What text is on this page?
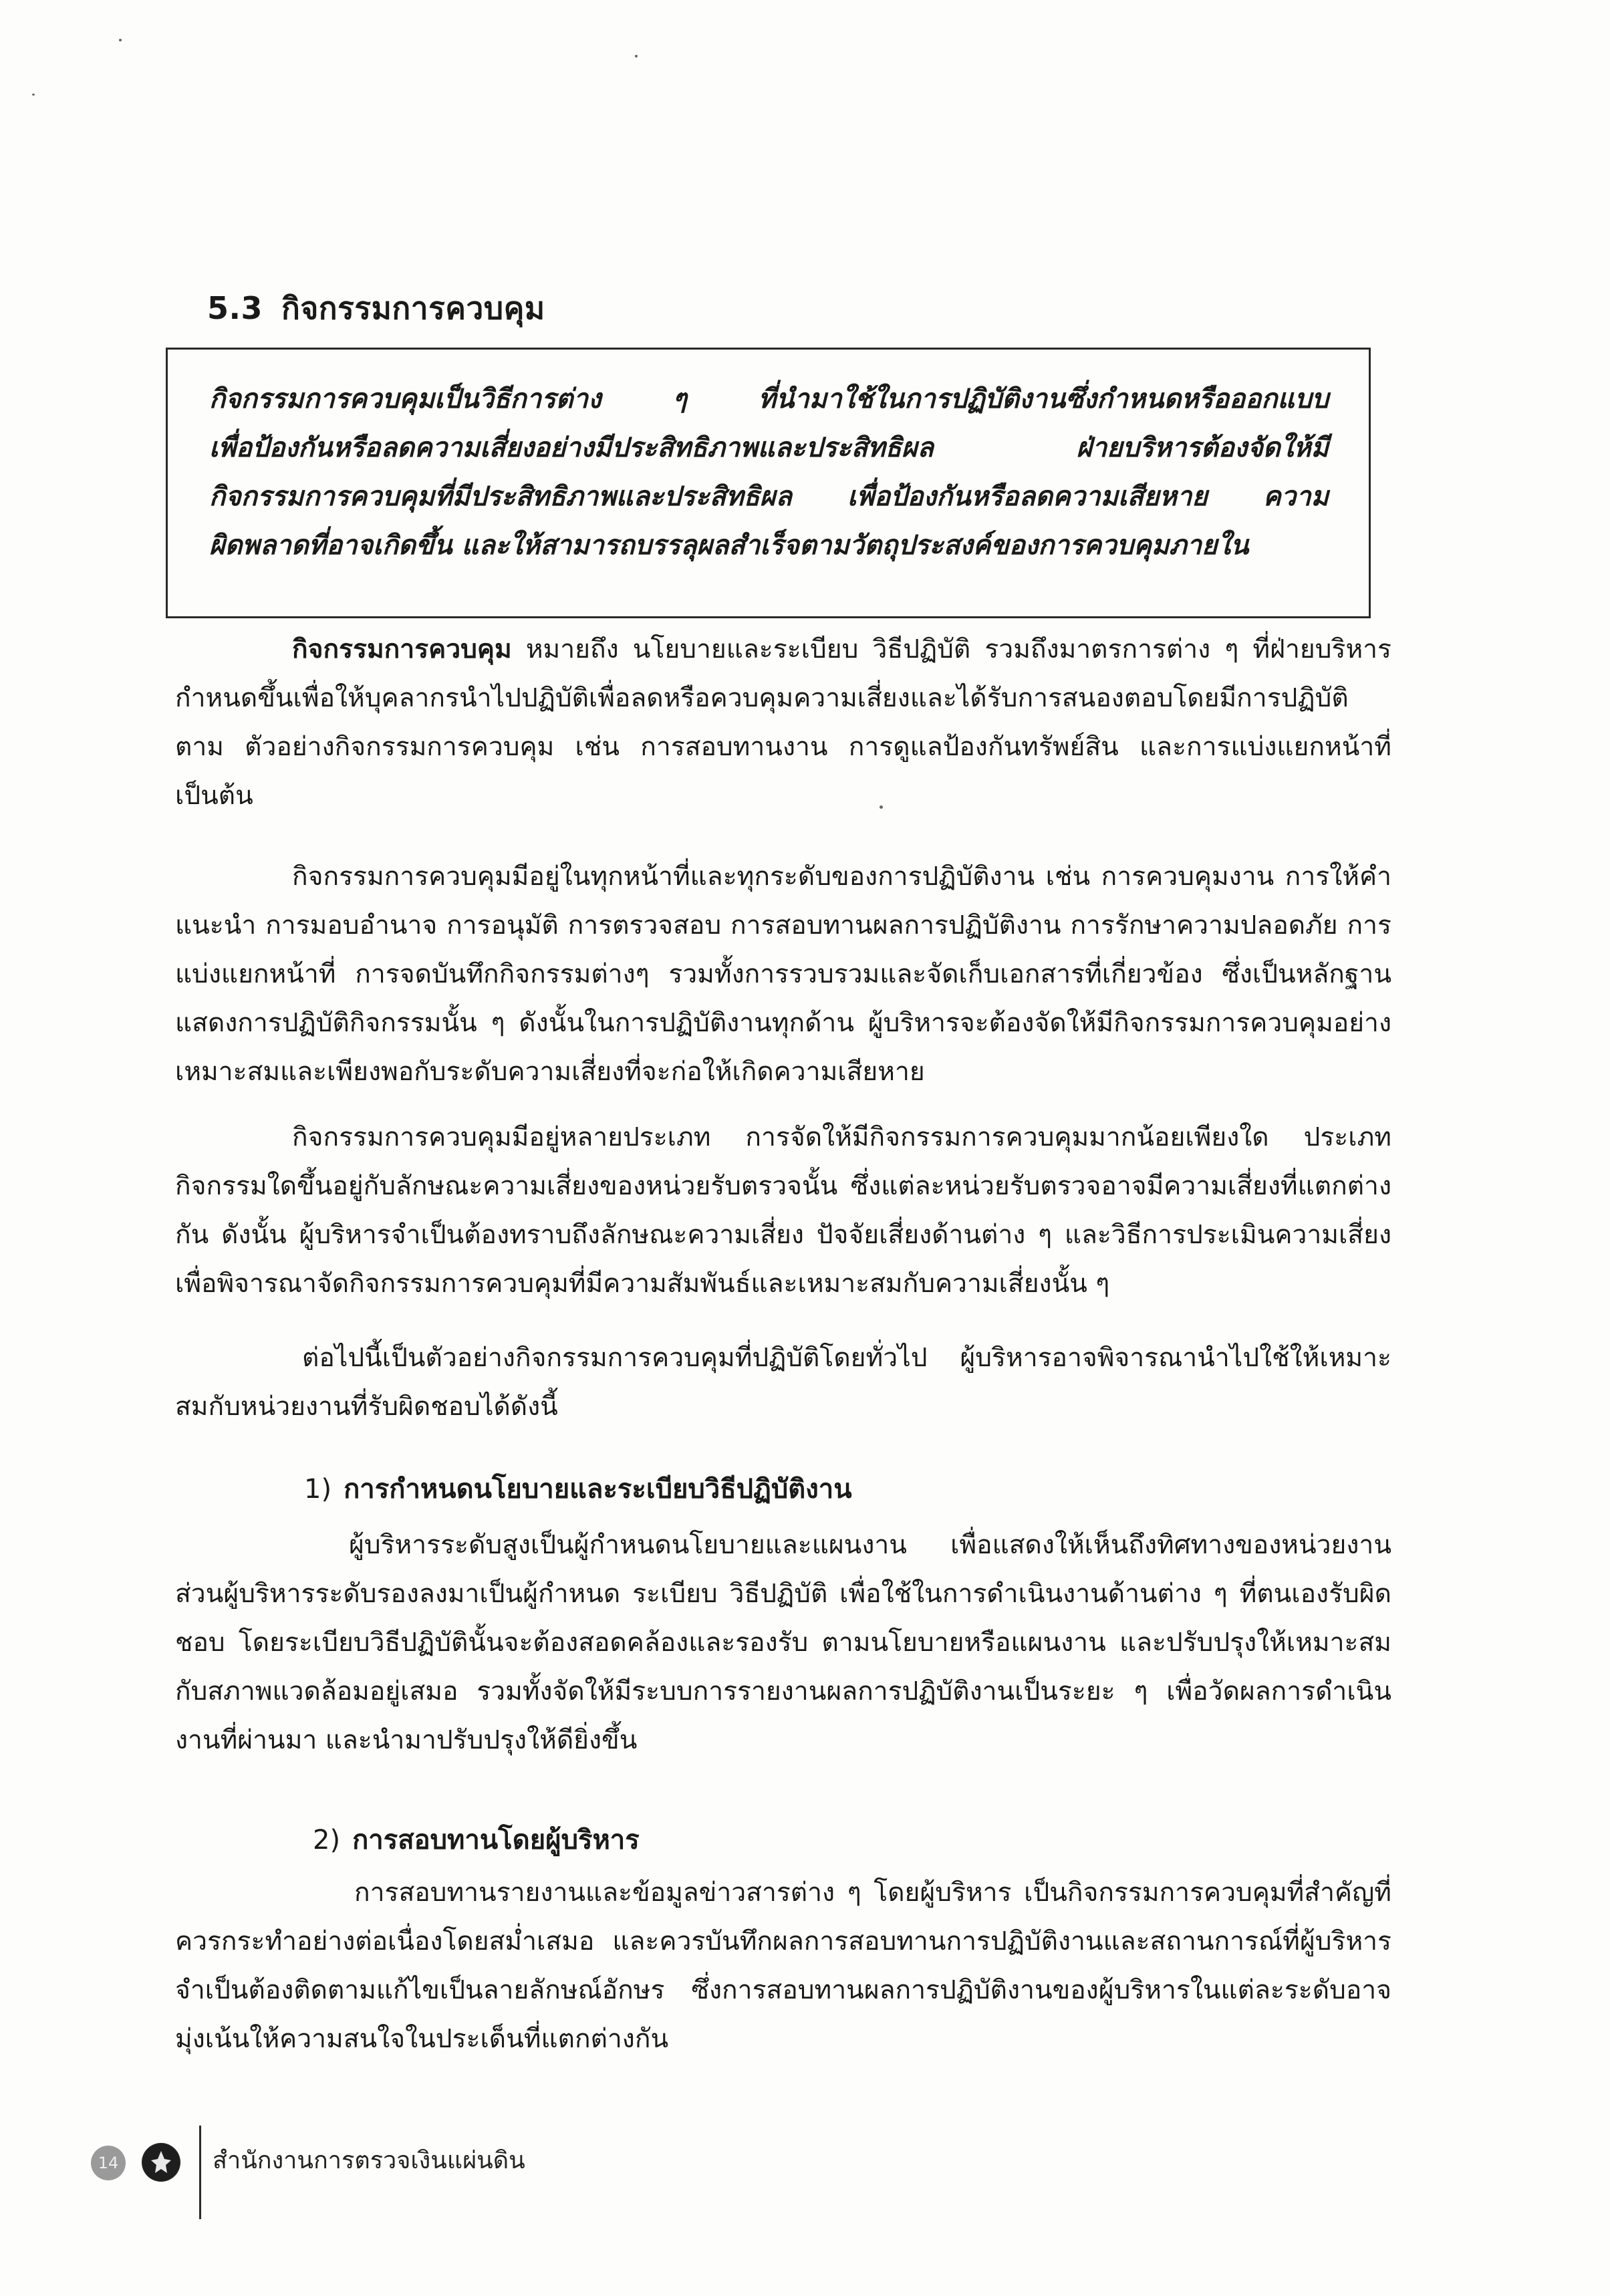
5.3 กิจกรรมการควบคุม

กิจกรรมการควบคุมเป็นวิธีการต่าง ๆ ที่นำมาใช้ในการปฏิบัติงานซึ่งกำหนดหรือออกแบบ

เพื่อป้องกันหรือลดความเสี่ยงอย่างมีประสิทธิภาพและประสิทธิผล ฝ่ายบริหารต้องจัดให้มี

กิจกรรมการควบคุมที่มีประสิทธิภาพและประสิทธิผล เพื่อป้องกันหรือลดความเสียหาย ความ

ผิดพลาดที่อาจเกิดขึ้น และให้สามารถบรรลุผลสำเร็จตามวัตถุประสงค์ของการควบคุมภายใน

กิจกรรมการควบคุม หมายถึง นโยบายและระเบียบ วิธีปฏิบัติ รวมถึงมาตรการต่าง ๆ ที่ฝ่ายบริหารกำหนดขึ้นเพื่อให้บุคลากรนำไปปฏิบัติเพื่อลดหรือควบคุมความเสี่ยงและได้รับการสนองตอบโดยมีการปฏิบัติตาม ตัวอย่างกิจกรรมการควบคุม เช่น การสอบทานงาน การดูแลป้องกันทรัพย์สิน และการแบ่งแยกหน้าที่เป็นต้น
กิจกรรมการควบคุมมีอยู่ในทุกหน้าที่และทุกระดับของการปฏิบัติงาน เช่น การควบคุมงาน การให้คำแนะนำ การมอบอำนาจ การอนุมัติ การตรวจสอบ การสอบทานผลการปฏิบัติงาน การรักษาความปลอดภัย การแบ่งแยกหน้าที่ การจดบันทึกกิจกรรมต่างๆ รวมทั้งการรวบรวมและจัดเก็บเอกสารที่เกี่ยวข้อง ซึ่งเป็นหลักฐานแสดงการปฏิบัติกิจกรรมนั้น ๆ ดังนั้นในการปฏิบัติงานทุกด้าน ผู้บริหารจะต้องจัดให้มีกิจกรรมการควบคุมอย่างเหมาะสมและเพียงพอกับระดับความเสี่ยงที่จะก่อให้เกิดความเสียหาย
กิจกรรมการควบคุมมีอยู่หลายประเภท การจัดให้มีกิจกรรมการควบคุมมากน้อยเพียงใด ประเภทกิจกรรมใดขึ้นอยู่กับลักษณะความเสี่ยงของหน่วยรับตรวจนั้น ซึ่งแต่ละหน่วยรับตรวจอาจมีความเสี่ยงที่แตกต่างกัน ดังนั้น ผู้บริหารจำเป็นต้องทราบถึงลักษณะความเสี่ยง ปัจจัยเสี่ยงด้านต่าง ๆ และวิธีการประเมินความเสี่ยง เพื่อพิจารณาจัดกิจกรรมการควบคุมที่มีความสัมพันธ์และเหมาะสมกับความเสี่ยงนั้น ๆ
ต่อไปนี้เป็นตัวอย่างกิจกรรมการควบคุมที่ปฏิบัติโดยทั่วไป ผู้บริหารอาจพิจารณานำไปใช้ให้เหมาะสมกับหน่วยงานที่รับผิดชอบได้ดังนี้
1) การกำหนดนโยบายและระเบียบวิธีปฏิบัติงาน
ผู้บริหารระดับสูงเป็นผู้กำหนดนโยบายและแผนงาน เพื่อแสดงให้เห็นถึงทิศทางของหน่วยงาน ส่วนผู้บริหารระดับรองลงมาเป็นผู้กำหนด ระเบียบ วิธีปฏิบัติ เพื่อใช้ในการดำเนินงานด้านต่าง ๆ ที่ตนเองรับผิดชอบ โดยระเบียบวิธีปฏิบัตินั้นจะต้องสอดคล้องและรองรับ ตามนโยบายหรือแผนงาน และปรับปรุงให้เหมาะสมกับสภาพแวดล้อมอยู่เสมอ รวมทั้งจัดให้มีระบบการรายงานผลการปฏิบัติงานเป็นระยะ ๆ เพื่อวัดผลการดำเนินงานที่ผ่านมา และนำมาปรับปรุงให้ดียิ่งขึ้น
2) การสอบทานโดยผู้บริหาร
การสอบทานรายงานและข้อมูลข่าวสารต่าง ๆ โดยผู้บริหาร เป็นกิจกรรมการควบคุมที่สำคัญที่ควรกระทำอย่างต่อเนื่องโดยสม่ำเสมอ และควรบันทึกผลการสอบทานการปฏิบัติงานและสถานการณ์ที่ผู้บริหารจำเป็นต้องติดตามแก้ไขเป็นลายลักษณ์อักษร ซึ่งการสอบทานผลการปฏิบัติงานของผู้บริหารในแต่ละระดับอาจมุ่งเน้นให้ความสนใจในประเด็นที่แตกต่างกัน
14	สำนักงานการตรวจเงินแผ่นดิน
